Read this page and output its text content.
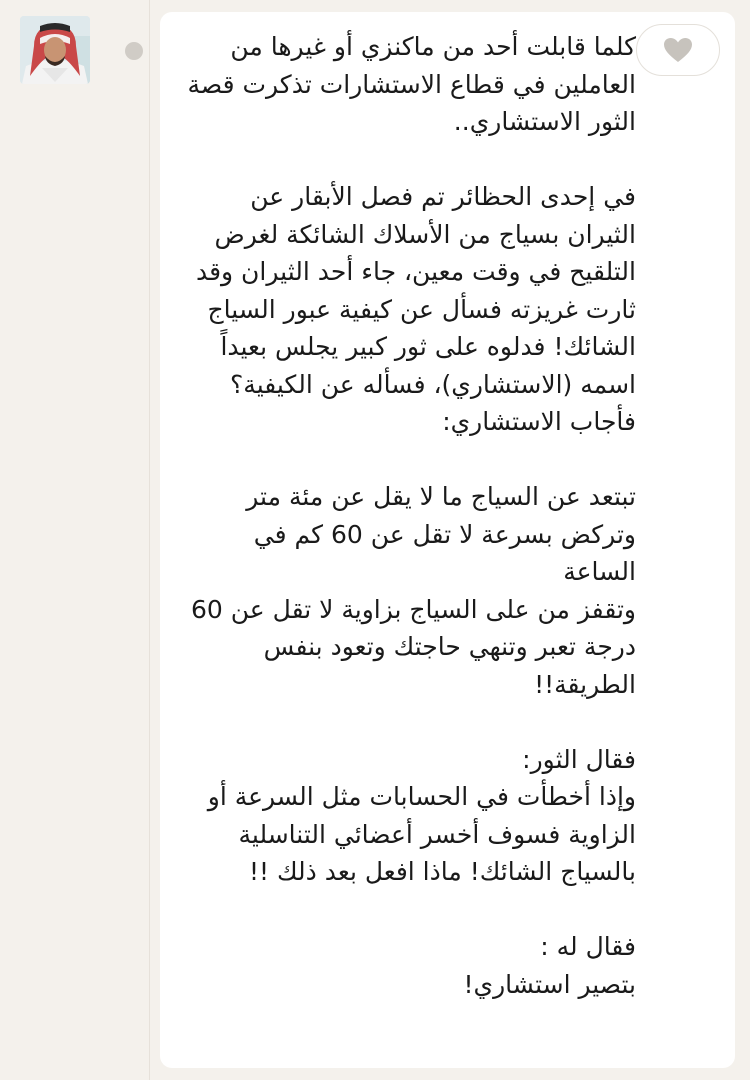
كلما قابلت أحد من ماكنزي أو غيرها من
العاملين في قطاع الاستشارات تذكرت قصة
الثور الاستشاري..

في إحدى الحظائر تم فصل الأبقار عن
الثيران بسياج من الأسلاك الشائكة لغرض
التلقيح في وقت معين، جاء أحد الثيران وقد
ثارت غريزته فسأل عن كيفية عبور السياج
الشائك! فدلوه على ثور كبير يجلس بعيداً
اسمه (الاستشاري)، فسأله عن الكيفية؟
فأجاب الاستشاري:

تبتعد عن السياج ما لا يقل عن مئة متر
وتركض بسرعة لا تقل عن 60 كم في الساعة
وتقفز من على السياج بزاوية لا تقل عن 60
درجة تعبر وتنهي حاجتك وتعود بنفس
الطريقة!!

فقال الثور:
وإذا أخطأت في الحسابات مثل السرعة أو
الزاوية فسوف أخسر أعضائي التناسلية
بالسياج الشائك! ماذا افعل بعد ذلك !!

فقال له :
بتصير استشاري!
